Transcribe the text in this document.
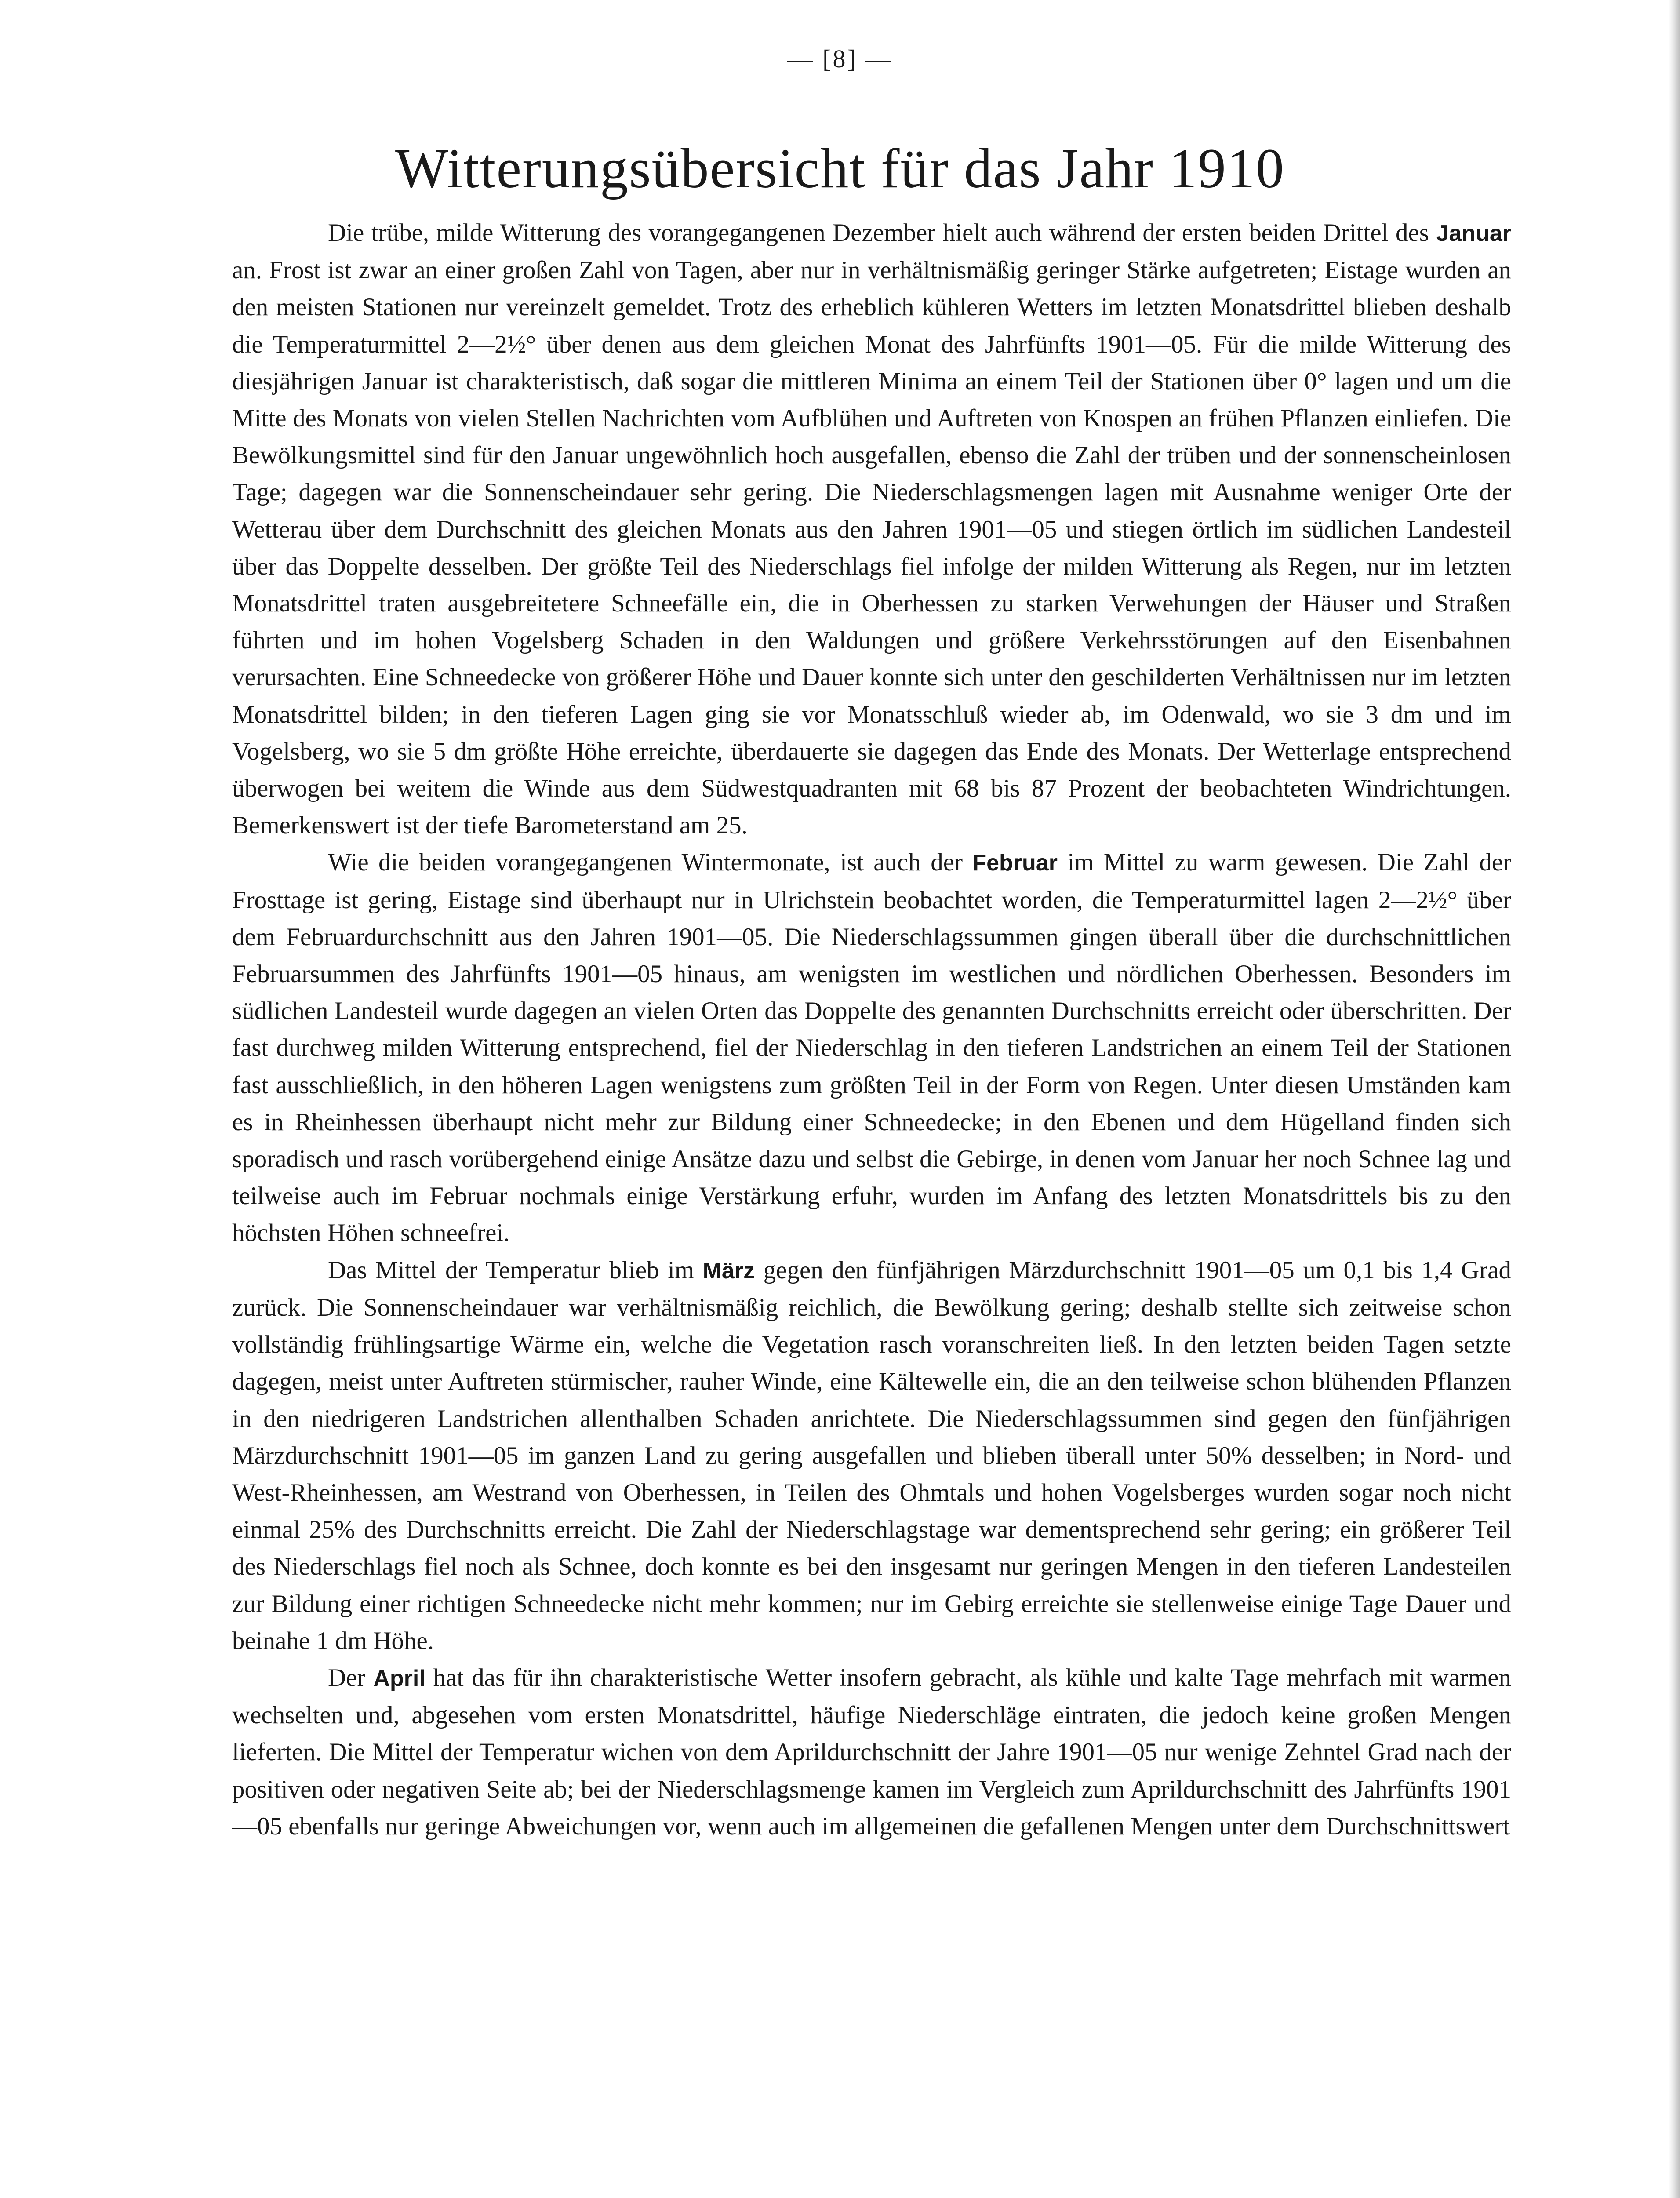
— [8] —
Witterungsübersicht für das Jahr 1910

Die trübe, milde Witterung des vorangegangenen Dezember hielt auch während der ersten beiden Drittel des Januar an. Frost ist zwar an einer großen Zahl von Tagen, aber nur in verhältnismäßig geringer Stärke aufgetreten; Eistage wurden an den meisten Stationen nur vereinzelt gemeldet. Trotz des erheblich kühleren Wetters im letzten Monatsdrittel blieben deshalb die Temperaturmittel 2—2½° über denen aus dem gleichen Monat des Jahrfünfts 1901—05. Für die milde Witterung des diesjährigen Januar ist charakteristisch, daß sogar die mittleren Minima an einem Teil der Stationen über 0° lagen und um die Mitte des Monats von vielen Stellen Nachrichten vom Aufblühen und Auftreten von Knospen an frühen Pflanzen einliefen. Die Bewölkungsmittel sind für den Januar ungewöhnlich hoch ausgefallen, ebenso die Zahl der trüben und der sonnenscheinlosen Tage; dagegen war die Sonnenscheindauer sehr gering. Die Niederschlagsmengen lagen mit Ausnahme weniger Orte der Wetterau über dem Durchschnitt des gleichen Monats aus den Jahren 1901—05 und stiegen örtlich im südlichen Landesteil über das Doppelte desselben. Der größte Teil des Niederschlags fiel infolge der milden Witterung als Regen, nur im letzten Monatsdrittel traten ausgebreitetere Schneefälle ein, die in Oberhessen zu starken Verwehungen der Häuser und Straßen führten und im hohen Vogelsberg Schaden in den Waldungen und größere Verkehrsstörungen auf den Eisenbahnen verursachten. Eine Schneedecke von größerer Höhe und Dauer konnte sich unter den geschilderten Verhältnissen nur im letzten Monatsdrittel bilden; in den tieferen Lagen ging sie vor Monatsschluß wieder ab, im Odenwald, wo sie 3 dm und im Vogelsberg, wo sie 5 dm größte Höhe erreichte, überdauerte sie dagegen das Ende des Monats. Der Wetterlage entsprechend überwogen bei weitem die Winde aus dem Südwestquadranten mit 68 bis 87 Prozent der beobachteten Windrichtungen. Bemerkenswert ist der tiefe Barometerstand am 25.

Wie die beiden vorangegangenen Wintermonate, ist auch der Februar im Mittel zu warm gewesen. Die Zahl der Frosttage ist gering, Eistage sind überhaupt nur in Ulrichstein beobachtet worden, die Temperaturmittel lagen 2—2½° über dem Februardurchschnitt aus den Jahren 1901—05. Die Niederschlagssummen gingen überall über die durchschnittlichen Februarsummen des Jahrfünfts 1901—05 hinaus, am wenigsten im westlichen und nördlichen Oberhessen. Besonders im südlichen Landesteil wurde dagegen an vielen Orten das Doppelte des genannten Durchschnitts erreicht oder überschritten. Der fast durchweg milden Witterung entsprechend, fiel der Niederschlag in den tieferen Landstrichen an einem Teil der Stationen fast ausschließlich, in den höheren Lagen wenigstens zum größten Teil in der Form von Regen. Unter diesen Umständen kam es in Rheinhessen überhaupt nicht mehr zur Bildung einer Schneedecke; in den Ebenen und dem Hügelland finden sich sporadisch und rasch vorübergehend einige Ansätze dazu und selbst die Gebirge, in denen vom Januar her noch Schnee lag und teilweise auch im Februar nochmals einige Verstärkung erfuhr, wurden im Anfang des letzten Monatsdrittels bis zu den höchsten Höhen schneefrei.

Das Mittel der Temperatur blieb im März gegen den fünfjährigen Märzdurchschnitt 1901—05 um 0,1 bis 1,4 Grad zurück. Die Sonnenscheindauer war verhältnismäßig reichlich, die Bewölkung gering; deshalb stellte sich zeitweise schon vollständig frühlingsartige Wärme ein, welche die Vegetation rasch voranschreiten ließ. In den letzten beiden Tagen setzte dagegen, meist unter Auftreten stürmischer, rauher Winde, eine Kältewelle ein, die an den teilweise schon blühenden Pflanzen in den niedrigeren Landstrichen allenthalben Schaden anrichtete. Die Niederschlagssummen sind gegen den fünfjährigen Märzdurchschnitt 1901—05 im ganzen Land zu gering ausgefallen und blieben überall unter 50% desselben; in Nord- und West-Rheinhessen, am Westrand von Oberhessen, in Teilen des Ohmtals und hohen Vogelsberges wurden sogar noch nicht einmal 25% des Durchschnitts erreicht. Die Zahl der Niederschlagstage war dementsprechend sehr gering; ein größerer Teil des Niederschlags fiel noch als Schnee, doch konnte es bei den insgesamt nur geringen Mengen in den tieferen Landesteilen zur Bildung einer richtigen Schneedecke nicht mehr kommen; nur im Gebirg erreichte sie stellenweise einige Tage Dauer und beinahe 1 dm Höhe.

Der April hat das für ihn charakteristische Wetter insofern gebracht, als kühle und kalte Tage mehrfach mit warmen wechselten und, abgesehen vom ersten Monatsdrittel, häufige Niederschläge eintraten, die jedoch keine großen Mengen lieferten. Die Mittel der Temperatur wichen von dem Aprildurchschnitt der Jahre 1901—05 nur wenige Zehntel Grad nach der positiven oder negativen Seite ab; bei der Niederschlagsmenge kamen im Vergleich zum Aprildurchschnitt des Jahrfünfts 1901—05 ebenfalls nur geringe Abweichungen vor, wenn auch im allgemeinen die gefallenen Mengen unter dem Durchschnittswert
